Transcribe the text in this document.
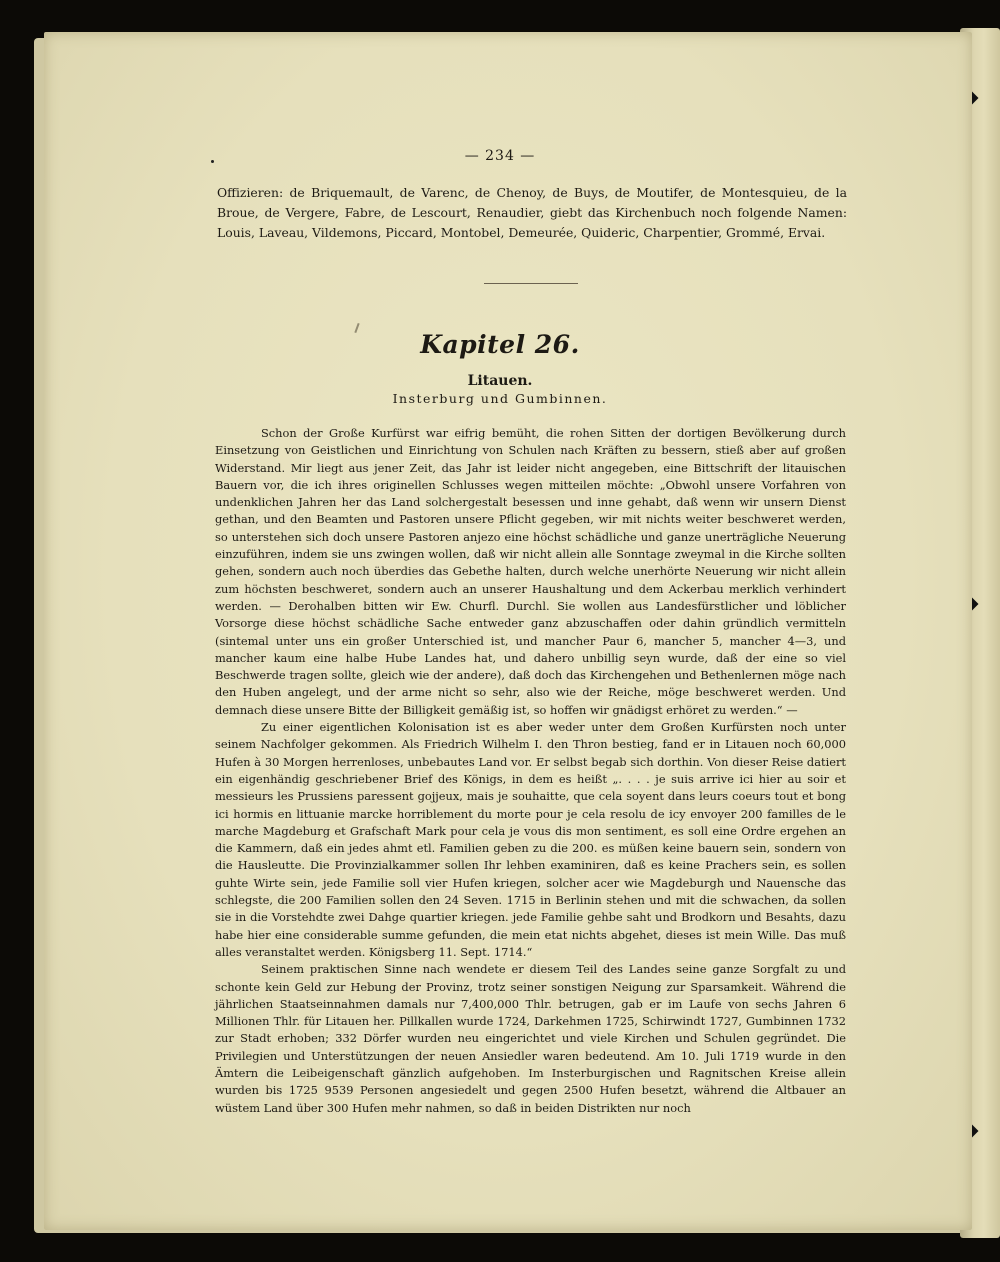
— 234 —
Offizieren: de Briquemault, de Varenc, de Chenoy, de Buys, de Moutifer, de Montesquieu, de la Broue, de Vergere, Fabre, de Lescourt, Renaudier, giebt das Kirchenbuch noch folgende Namen: Louis, Laveau, Vildemons, Piccard, Montobel, Demeurée, Quideric, Charpentier, Grommé, Ervai.
Kapitel 26.
Litauen.
Insterburg und Gumbinnen.

Schon der Große Kurfürst war eifrig bemüht, die rohen Sitten der dortigen Bevölkerung durch Einsetzung von Geistlichen und Einrichtung von Schulen nach Kräften zu bessern, stieß aber auf großen Widerstand. Mir liegt aus jener Zeit, das Jahr ist leider nicht angegeben, eine Bittschrift der litauischen Bauern vor, die ich ihres originellen Schlusses wegen mitteilen möchte: „Obwohl unsere Vorfahren von undenklichen Jahren her das Land solchergestalt besessen und inne gehabt, daß wenn wir unsern Dienst gethan, und den Beamten und Pastoren unsere Pflicht gegeben, wir mit nichts weiter beschweret werden, so unterstehen sich doch unsere Pastoren anjezo eine höchst schädliche und ganze unerträgliche Neuerung einzuführen, indem sie uns zwingen wollen, daß wir nicht allein alle Sonntage zweymal in die Kirche sollten gehen, sondern auch noch überdies das Gebethe halten, durch welche unerhörte Neuerung wir nicht allein zum höchsten beschweret, sondern auch an unserer Haushaltung und dem Ackerbau merklich verhindert werden. — Derohalben bitten wir Ew. Churfl. Durchl. Sie wollen aus Landesfürstlicher und löblicher Vorsorge diese höchst schädliche Sache entweder ganz abzuschaffen oder dahin gründlich vermitteln (sintemal unter uns ein großer Unterschied ist, und mancher Paur 6, mancher 5, mancher 4—3, und mancher kaum eine halbe Hube Landes hat, und dahero unbillig seyn wurde, daß der eine so viel Beschwerde tragen sollte, gleich wie der andere), daß doch das Kirchengehen und Bethenlernen möge nach den Huben angelegt, und der arme nicht so sehr, also wie der Reiche, möge beschweret werden. Und demnach diese unsere Bitte der Billigkeit gemäßig ist, so hoffen wir gnädigst erhöret zu werden.“ —

Zu einer eigentlichen Kolonisation ist es aber weder unter dem Großen Kurfürsten noch unter seinem Nachfolger gekommen. Als Friedrich Wilhelm I. den Thron bestieg, fand er in Litauen noch 60,000 Hufen à 30 Morgen herrenloses, unbebautes Land vor. Er selbst begab sich dorthin. Von dieser Reise datiert ein eigenhändig geschriebener Brief des Königs, in dem es heißt „. . . . je suis arrive ici hier au soir et messieurs les Prussiens paressent gojjeux, mais je souhaitte, que cela soyent dans leurs coeurs tout et bong ici hormis en littuanie marcke horriblement du morte pour je cela resolu de icy envoyer 200 familles de le marche Magdeburg et Grafschaft Mark pour cela je vous dis mon sentiment, es soll eine Ordre ergehen an die Kammern, daß ein jedes ahmt etl. Familien geben zu die 200. es müßen keine bauern sein, sondern von die Hausleutte. Die Provinzialkammer sollen Ihr lehben examiniren, daß es keine Prachers sein, es sollen guhte Wirte sein, jede Familie soll vier Hufen kriegen, solcher acer wie Magdeburgh und Nauensche das schlegste, die 200 Familien sollen den 24 Seven. 1715 in Berlinin stehen und mit die schwachen, da sollen sie in die Vorstehdte zwei Dahge quartier kriegen. jede Familie gehbe saht und Brodkorn und Besahts, dazu habe hier eine considerable summe gefunden, die mein etat nichts abgehet, dieses ist mein Wille. Das muß alles veranstaltet werden. Königsberg 11. Sept. 1714.“

Seinem praktischen Sinne nach wendete er diesem Teil des Landes seine ganze Sorgfalt zu und schonte kein Geld zur Hebung der Provinz, trotz seiner sonstigen Neigung zur Sparsamkeit. Während die jährlichen Staatseinnahmen damals nur 7,400,000 Thlr. betrugen, gab er im Laufe von sechs Jahren 6 Millionen Thlr. für Litauen her. Pillkallen wurde 1724, Darkehmen 1725, Schirwindt 1727, Gumbinnen 1732 zur Stadt erhoben; 332 Dörfer wurden neu eingerichtet und viele Kirchen und Schulen gegründet. Die Privilegien und Unterstützungen der neuen Ansiedler waren bedeutend. Am 10. Juli 1719 wurde in den Ämtern die Leibeigenschaft gänzlich aufgehoben. Im Insterburgischen und Ragnitschen Kreise allein wurden bis 1725 9539 Personen angesiedelt und gegen 2500 Hufen besetzt, während die Altbauer an wüstem Land über 300 Hufen mehr nahmen, so daß in beiden Distrikten nur noch
